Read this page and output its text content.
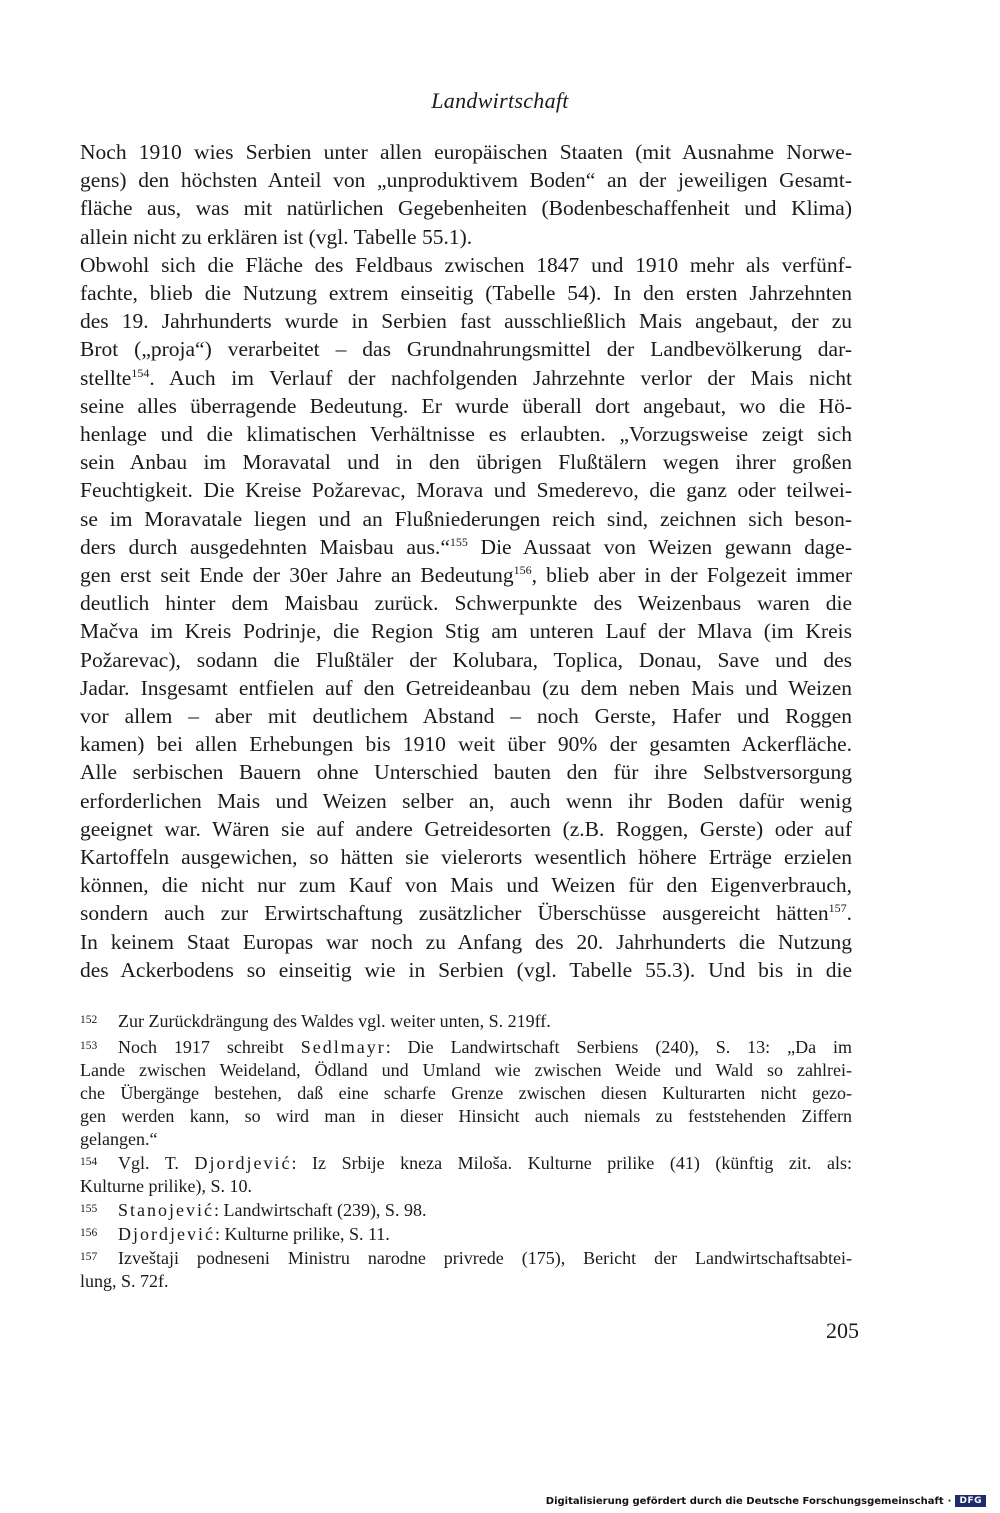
Landwirtschaft
Noch 1910 wies Serbien unter allen europäischen Staaten (mit Ausnahme Norwe-
gens) den höchsten Anteil von „unproduktivem Boden“ an der jeweiligen Gesamt-
fläche aus, was mit natürlichen Gegebenheiten (Bodenbeschaffenheit und Klima)
allein nicht zu erklären ist (vgl. Tabelle 55.1).
Obwohl sich die Fläche des Feldbaus zwischen 1847 und 1910 mehr als verfünf-
fachte, blieb die Nutzung extrem einseitig (Tabelle 54). In den ersten Jahrzehnten
des 19. Jahrhunderts wurde in Serbien fast ausschließlich Mais angebaut, der zu
Brot („proja“) verarbeitet – das Grundnahrungsmittel der Landbevölkerung dar-
stellte$^{154}$. Auch im Verlauf der nachfolgenden Jahrzehnte verlor der Mais nicht
seine alles überragende Bedeutung. Er wurde überall dort angebaut, wo die Hö-
henlage und die klimatischen Verhältnisse es erlaubten. „Vorzugsweise zeigt sich
sein Anbau im Moravatal und in den übrigen Flußtälern wegen ihrer großen
Feuchtigkeit. Die Kreise Požarevac, Morava und Smederevo, die ganz oder teilwei-
se im Moravatale liegen und an Flußniederungen reich sind, zeichnen sich beson-
ders durch ausgedehnten Maisbau aus.“$^{155}$ Die Aussaat von Weizen gewann dage-
gen erst seit Ende der 30er Jahre an Bedeutung$^{156}$, blieb aber in der Folgezeit immer
deutlich hinter dem Maisbau zurück. Schwerpunkte des Weizenbaus waren die
Mačva im Kreis Podrinje, die Region Stig am unteren Lauf der Mlava (im Kreis
Požarevac), sodann die Flußtäler der Kolubara, Toplica, Donau, Save und des
Jadar. Insgesamt entfielen auf den Getreideanbau (zu dem neben Mais und Weizen
vor allem – aber mit deutlichem Abstand – noch Gerste, Hafer und Roggen
kamen) bei allen Erhebungen bis 1910 weit über 90% der gesamten Ackerfläche.
Alle serbischen Bauern ohne Unterschied bauten den für ihre Selbstversorgung
erforderlichen Mais und Weizen selber an, auch wenn ihr Boden dafür wenig
geeignet war. Wären sie auf andere Getreidesorten (z.B. Roggen, Gerste) oder auf
Kartoffeln ausgewichen, so hätten sie vielerorts wesentlich höhere Erträge erzielen
können, die nicht nur zum Kauf von Mais und Weizen für den Eigenverbrauch,
sondern auch zur Erwirtschaftung zusätzlicher Überschüsse ausgereicht hätten$^{157}$.
In keinem Staat Europas war noch zu Anfang des 20. Jahrhunderts die Nutzung
des Ackerbodens so einseitig wie in Serbien (vgl. Tabelle 55.3). Und bis in die
152 Zur Zurückdrängung des Waldes vgl. weiter unten, S. 219ff.
153 Noch 1917 schreibt Sedlmayr: Die Landwirtschaft Serbiens (240), S. 13: „Da im
Lande zwischen Weideland, Ödland und Umland wie zwischen Weide und Wald so zahlrei-
che Übergänge bestehen, daß eine scharfe Grenze zwischen diesen Kulturarten nicht gezo-
gen werden kann, so wird man in dieser Hinsicht auch niemals zu feststehenden Ziffern
gelangen.“
154 Vgl. T. Djordjević: Iz Srbije kneza Miloša. Kulturne prilike (41) (künftig zit. als:
Kulturne prilike), S. 10.
155 Stanojević: Landwirtschaft (239), S. 98.
156 Djordjević: Kulturne prilike, S. 11.
157 Izveštaji podneseni Ministru narodne privrede (175), Bericht der Landwirtschaftsabtei-
lung, S. 72f.
205
Digitalisierung gefördert durch die Deutsche Forschungsgemeinschaft · DFG
